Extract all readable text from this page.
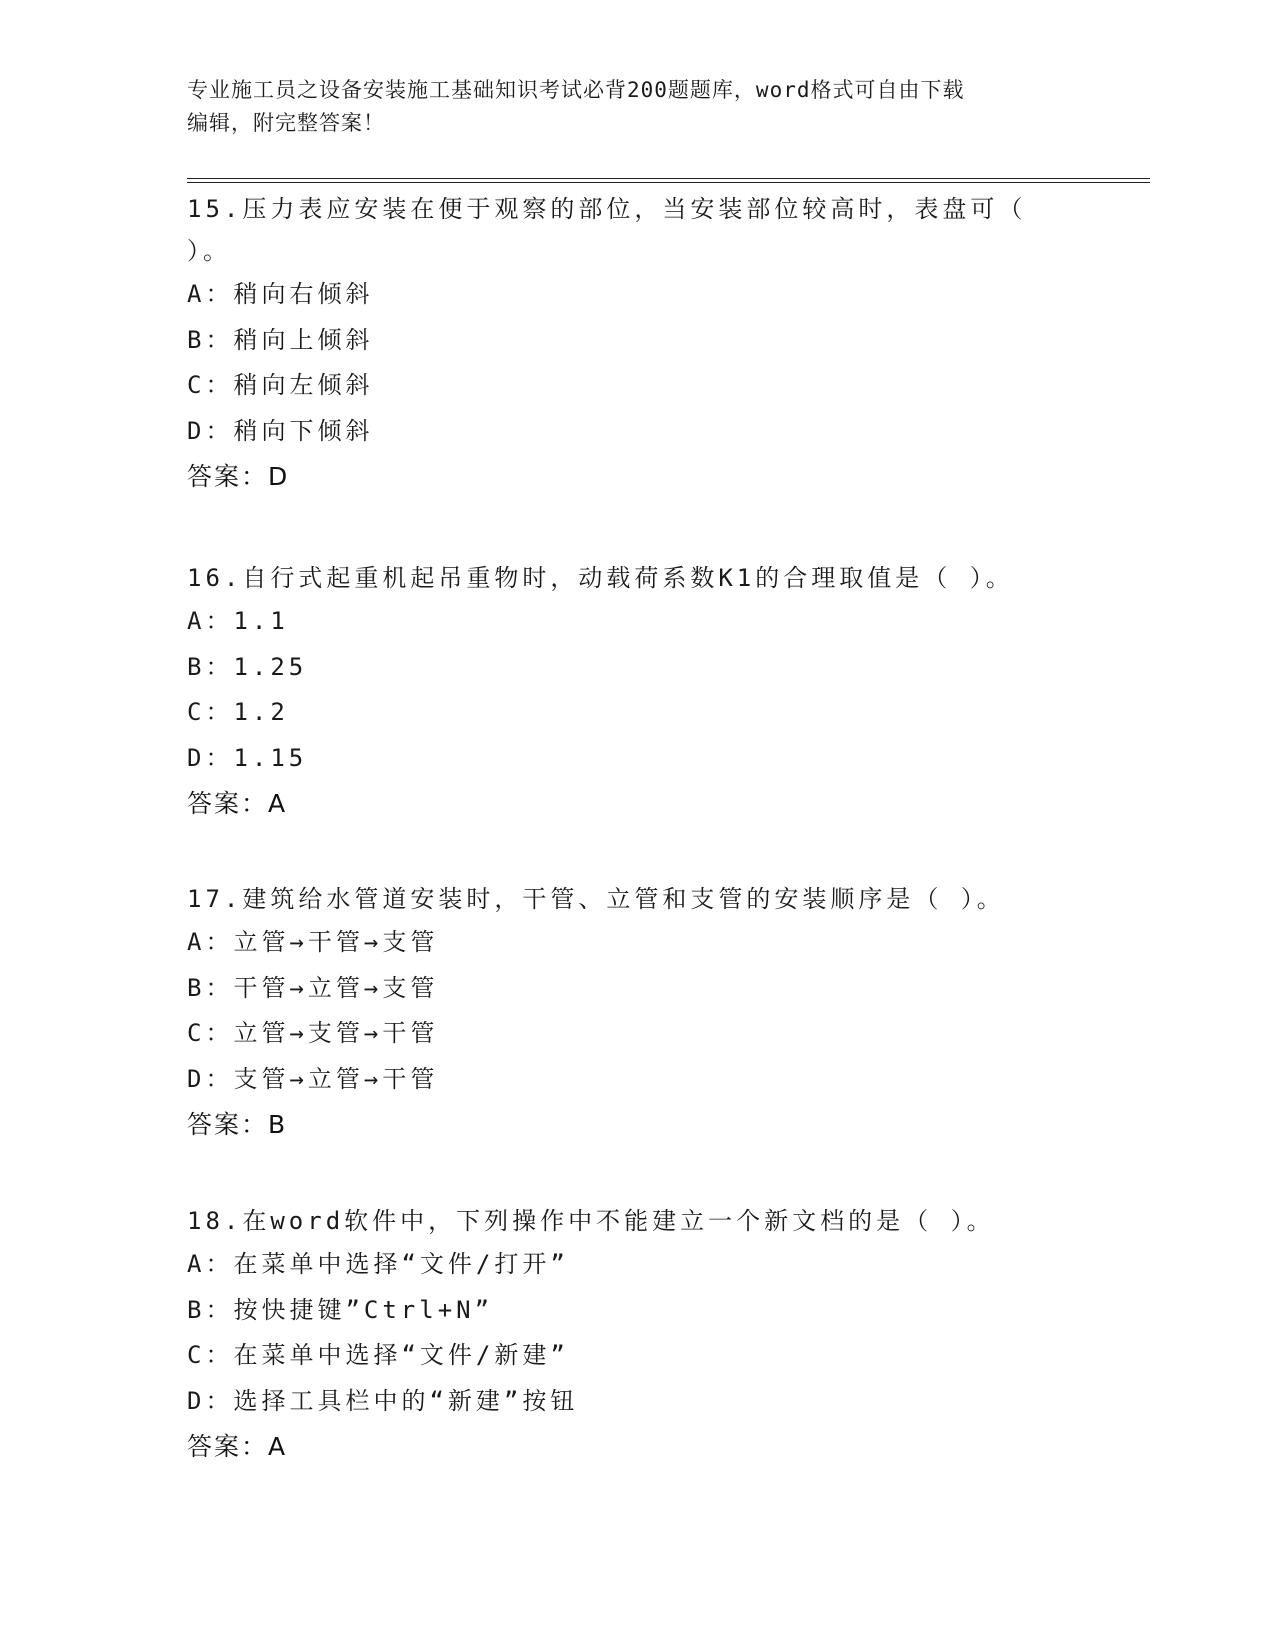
专业施工员之设备安装施工基础知识考试必背200题题库，word格式可自由下载
编辑，附完整答案！

15.压力表应安装在便于观察的部位，当安装部位较高时，表盘可（

）。

A：稍向右倾斜

B：稍向上倾斜

C：稍向左倾斜

D：稍向下倾斜

答案：D

16.自行式起重机起吊重物时，动载荷系数K1的合理取值是（ ）。

A：1.1

B：1.25

C：1.2

D：1.15

答案：A

17.建筑给水管道安装时，干管、立管和支管的安装顺序是（ ）。

A：立管→干管→支管

B：干管→立管→支管

C：立管→支管→干管

D：支管→立管→干管

答案：B

18.在word软件中，下列操作中不能建立一个新文档的是（ ）。

A：在菜单中选择“文件/打开”

B：按快捷键”Ctrl+N”

C：在菜单中选择“文件/新建”

D：选择工具栏中的“新建”按钮

答案：A
